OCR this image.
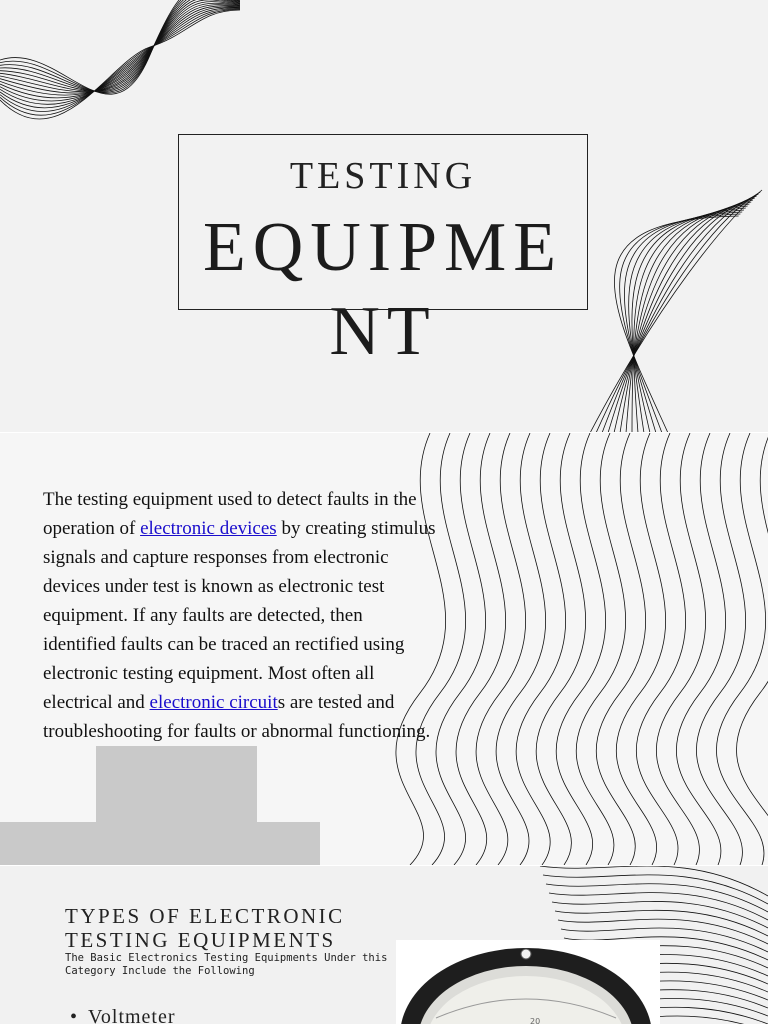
TESTING
EQUIPME
NT
The testing equipment used to detect faults in the operation of electronic devices by creating stimulus signals and capture responses from electronic devices under test is known as electronic test equipment. If any faults are detected, then identified faults can be traced an rectified using electronic testing equipment. Most often all electrical and electronic circuits are tested and troubleshooting for faults or abnormal functioning.
TYPES OF ELECTRONIC TESTING EQUIPMENTS
The Basic Electronics Testing Equipments Under this Category Include the Following
• Voltmeter	20
